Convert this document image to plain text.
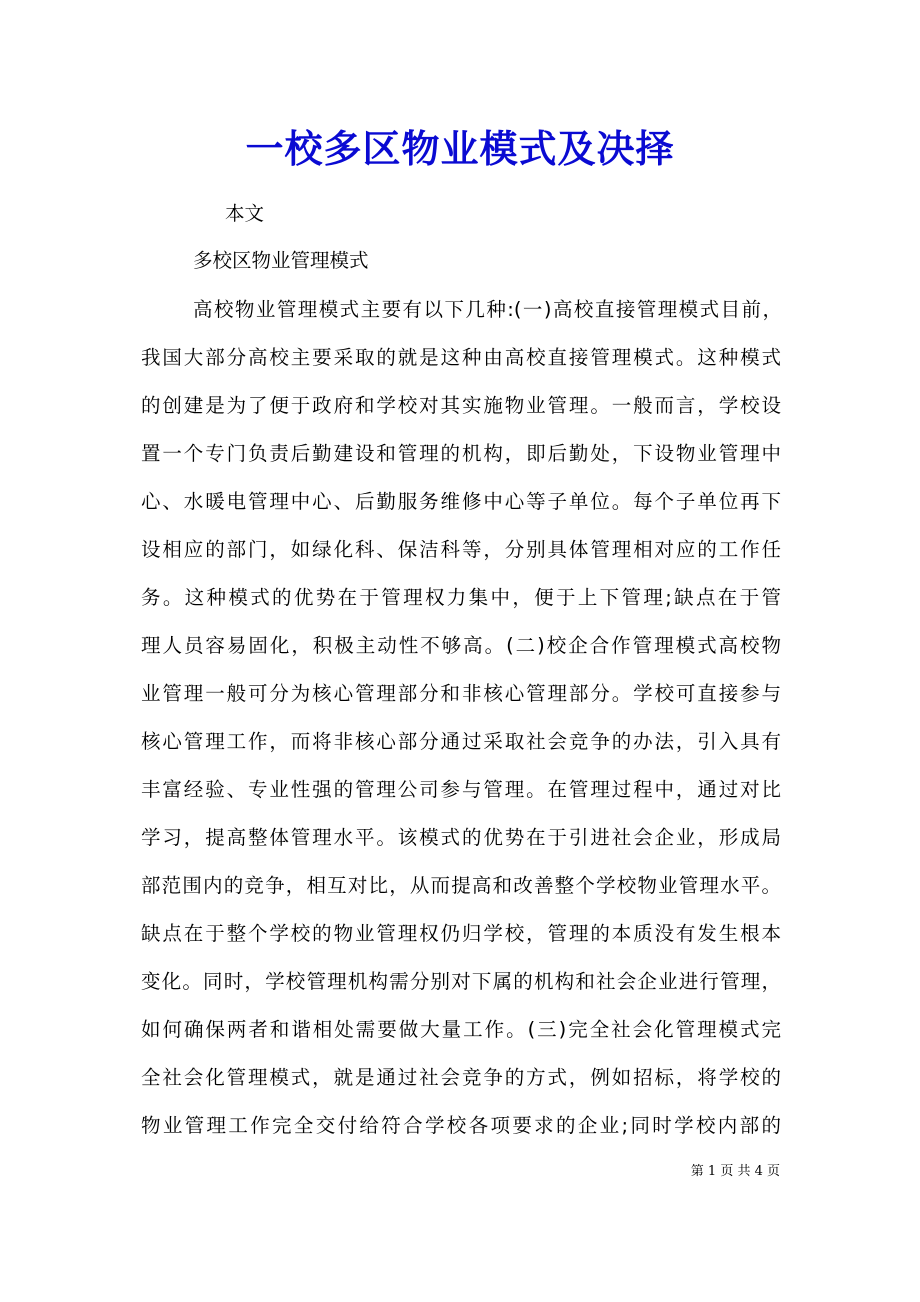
一校多区物业模式及决择
本文
多校区物业管理模式
高校物业管理模式主要有以下几种:(一)高校直接管理模式目前，
我国大部分高校主要采取的就是这种由高校直接管理模式。这种模式
的创建是为了便于政府和学校对其实施物业管理。一般而言，学校设
置一个专门负责后勤建设和管理的机构，即后勤处，下设物业管理中
心、水暖电管理中心、后勤服务维修中心等子单位。每个子单位再下
设相应的部门，如绿化科、保洁科等，分别具体管理相对应的工作任
务。这种模式的优势在于管理权力集中，便于上下管理;缺点在于管
理人员容易固化，积极主动性不够高。(二)校企合作管理模式高校物
业管理一般可分为核心管理部分和非核心管理部分。学校可直接参与
核心管理工作，而将非核心部分通过采取社会竞争的办法，引入具有
丰富经验、专业性强的管理公司参与管理。在管理过程中，通过对比
学习，提高整体管理水平。该模式的优势在于引进社会企业，形成局
部范围内的竞争，相互对比，从而提高和改善整个学校物业管理水平。
缺点在于整个学校的物业管理权仍归学校，管理的本质没有发生根本
变化。同时，学校管理机构需分别对下属的机构和社会企业进行管理，
如何确保两者和谐相处需要做大量工作。(三)完全社会化管理模式完
全社会化管理模式，就是通过社会竞争的方式，例如招标，将学校的
物业管理工作完全交付给符合学校各项要求的企业;同时学校内部的
第 1 页 共 4 页
